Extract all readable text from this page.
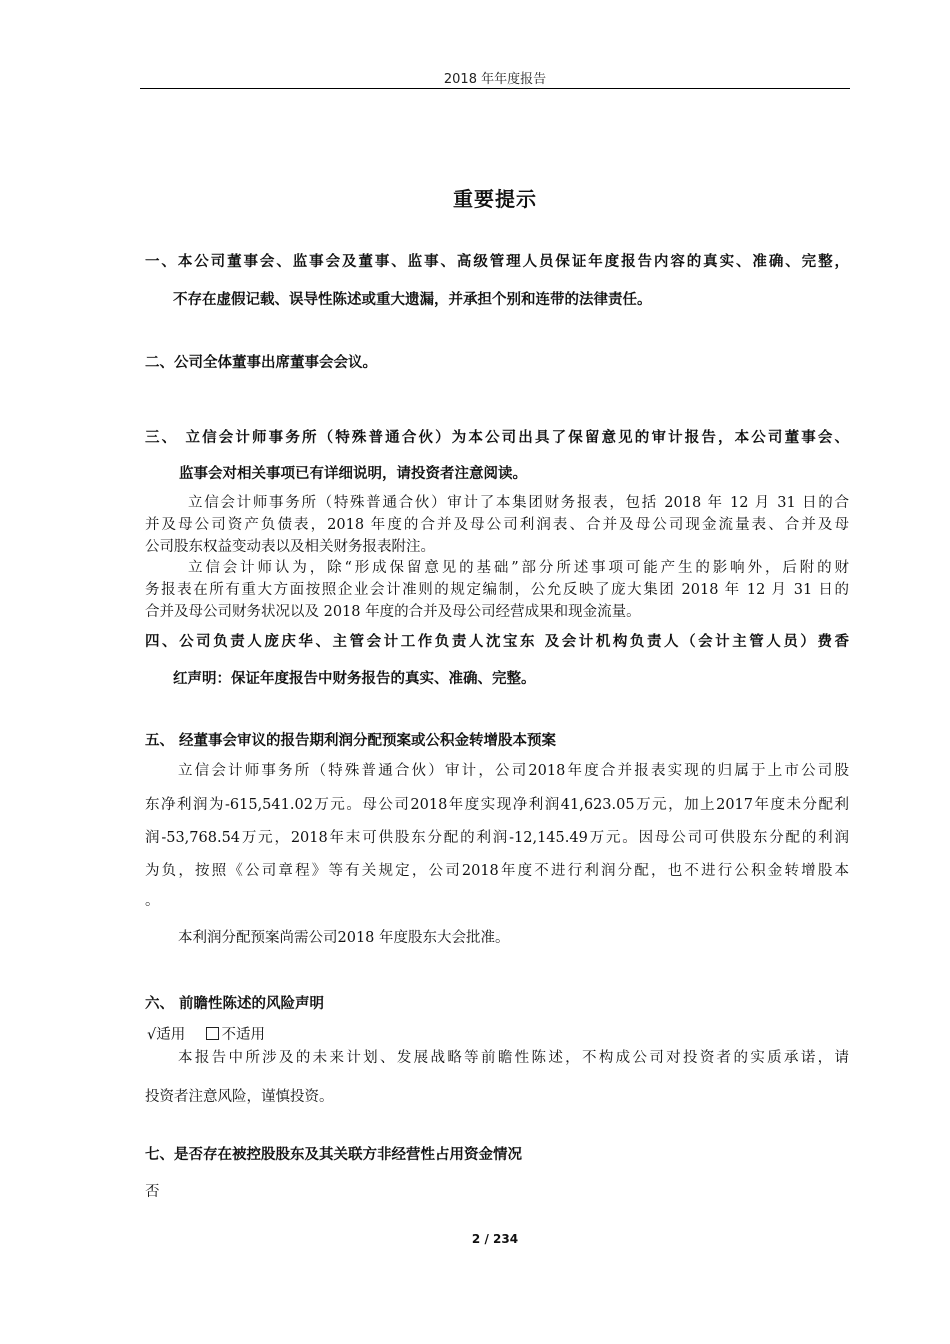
2018 年年度报告
重要提示
一、本公司董事会、监事会及董事、监事、高级管理人员保证年度报告内容的真实、准确、完整，
不存在虚假记载、误导性陈述或重大遗漏，并承担个别和连带的法律责任。
二、公司全体董事出席董事会会议。
三、 立信会计师事务所（特殊普通合伙）为本公司出具了保留意见的审计报告，本公司董事会、
监事会对相关事项已有详细说明，请投资者注意阅读。
立信会计师事务所（特殊普通合伙）审计了本集团财务报表，包括 2018 年 12 月 31 日的合
并及母公司资产负债表，2018 年度的合并及母公司利润表、合并及母公司现金流量表、合并及母
公司股东权益变动表以及相关财务报表附注。
立信会计师认为，除“形成保留意见的基础”部分所述事项可能产生的影响外，后附的财
务报表在所有重大方面按照企业会计准则的规定编制，公允反映了庞大集团 2018 年 12 月 31 日的
合并及母公司财务状况以及 2018 年度的合并及母公司经营成果和现金流量。
四、公司负责人庞庆华、主管会计工作负责人沈宝东 及会计机构负责人（会计主管人员）费香
红声明：保证年度报告中财务报告的真实、准确、完整。
五、 经董事会审议的报告期利润分配预案或公积金转增股本预案
立信会计师事务所（特殊普通合伙）审计，公司2018年度合并报表实现的归属于上市公司股
东净利润为-615,541.02万元。母公司2018年度实现净利润41,623.05万元，加上2017年度未分配利
润-53,768.54万元，2018年末可供股东分配的利润-12,145.49万元。因母公司可供股东分配的利润
为负，按照《公司章程》等有关规定，公司2018年度不进行利润分配，也不进行公积金转增股本
。
本利润分配预案尚需公司2018 年度股东大会批准。
六、 前瞻性陈述的风险声明
√适用 不适用
本报告中所涉及的未来计划、发展战略等前瞻性陈述，不构成公司对投资者的实质承诺，请
投资者注意风险，谨慎投资。
七、是否存在被控股股东及其关联方非经营性占用资金情况
否
2 / 234
